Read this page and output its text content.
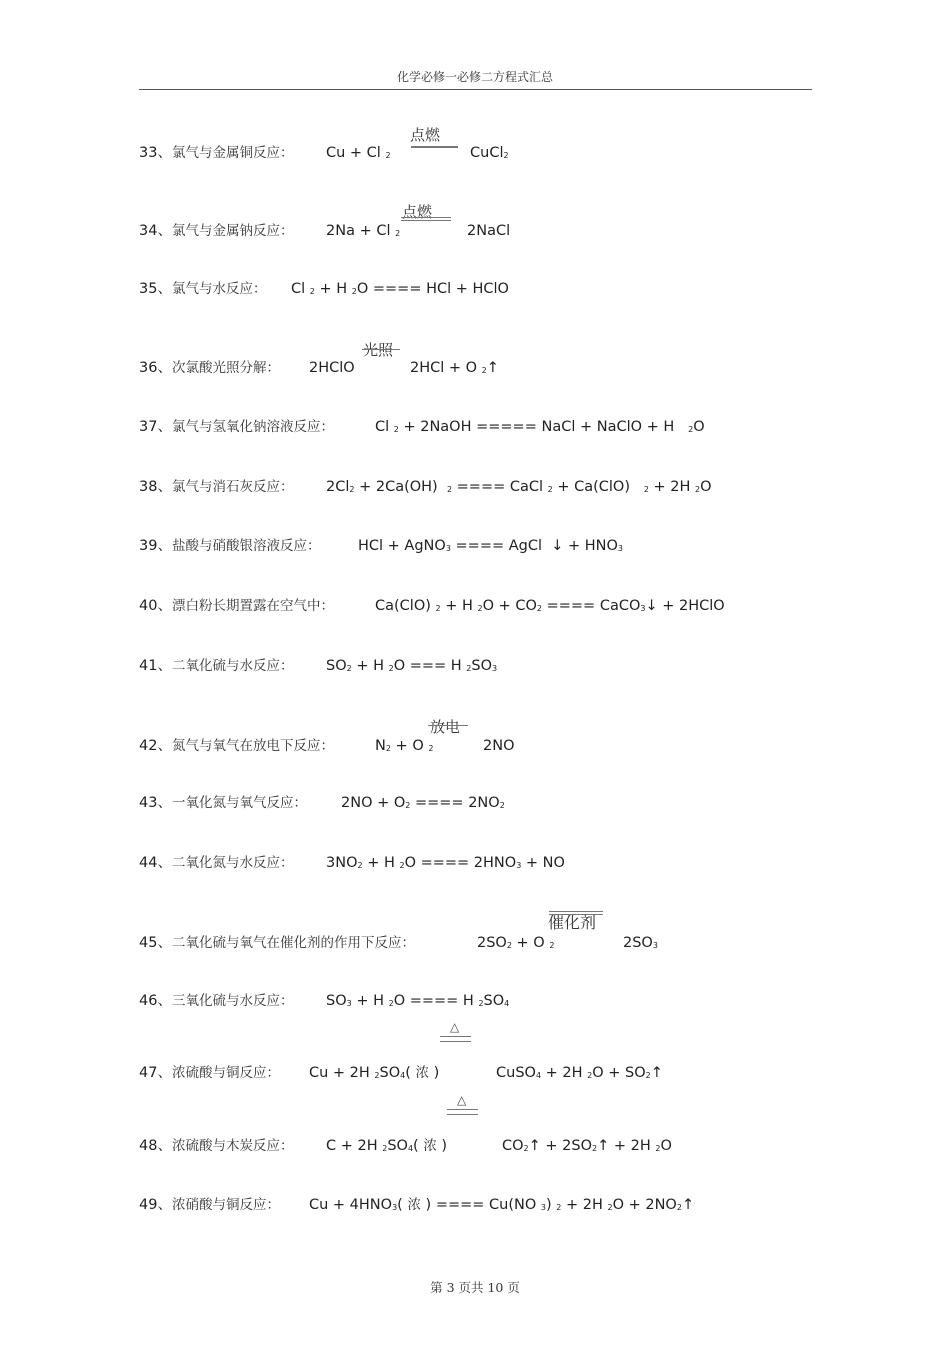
化学必修一必修二方程式汇总
33、氯气与金属铜反应： Cu + Cl $_2$	CuCl$_2$
点燃
34、氯气与金属钠反应： 2Na + Cl $_2$	2NaCl
点燃
35、氯气与水反应： Cl $_2$ + H $_2$O ==== HCl + HClO
36、次氯酸光照分解： 2HClO	2HCl + O $_2$↑
光照
37、氯气与氢氧化钠溶液反应：	Cl $_2$ + 2NaOH ===== NaCl + NaClO + H   $_2$O
38、氯气与消石灰反应： $2Cl_2 + 2Ca(OH)$  $_2$ ==== CaCl $_2$ + Ca(ClO)   $_2$ + 2H $_2$O
39、盐酸与硝酸银溶液反应：	HCl + AgNO$_3$ ==== AgCl  ↓ + $HNO_3$
40、漂白粉长期置露在空气中：	Ca(ClO) $_2$ + H $_2O + CO_2$ ==== CaCO$_3$↓ + 2HClO
41、二氧化硫与水反应： $SO_2 + H$ $_2$O === H $_2SO_3$
42、氮气与氧气在放电下反应：	$N_2 + O$ $_2$	2NO
放电
43、一氧化氮与氧气反应： $2NO + O_2$ ==== $2NO_2$
44、二氧化氮与水反应： $3NO_2 + H$ $_2$O ==== $2HNO_3$ + NO
45、二氧化硫与氧气在催化剂的作用下反应：	$2SO_2 + O$ $_2$	$2SO_3$
催化剂
46、三氧化硫与水反应： $SO_3 + H$ $_2$O ==== H $_2SO_4$
△
47、浓硫酸与铜反应： Cu + 2H $_2SO_4$( 浓 )	CuSO$_4$ + 2H $_2O + SO_2↑$
△
48、浓硫酸与木炭反应： C + 2H $_2SO_4$( 浓 )	$CO_2↑$ + $2SO_2↑ + 2H$ $_2$O
49、浓硝酸与铜反应： $Cu + 4HNO_3$( 浓 ) ==== Cu(NO $_3$) $_2$ + 2H $_2O + 2NO_2↑$
第 3 页共 10 页
